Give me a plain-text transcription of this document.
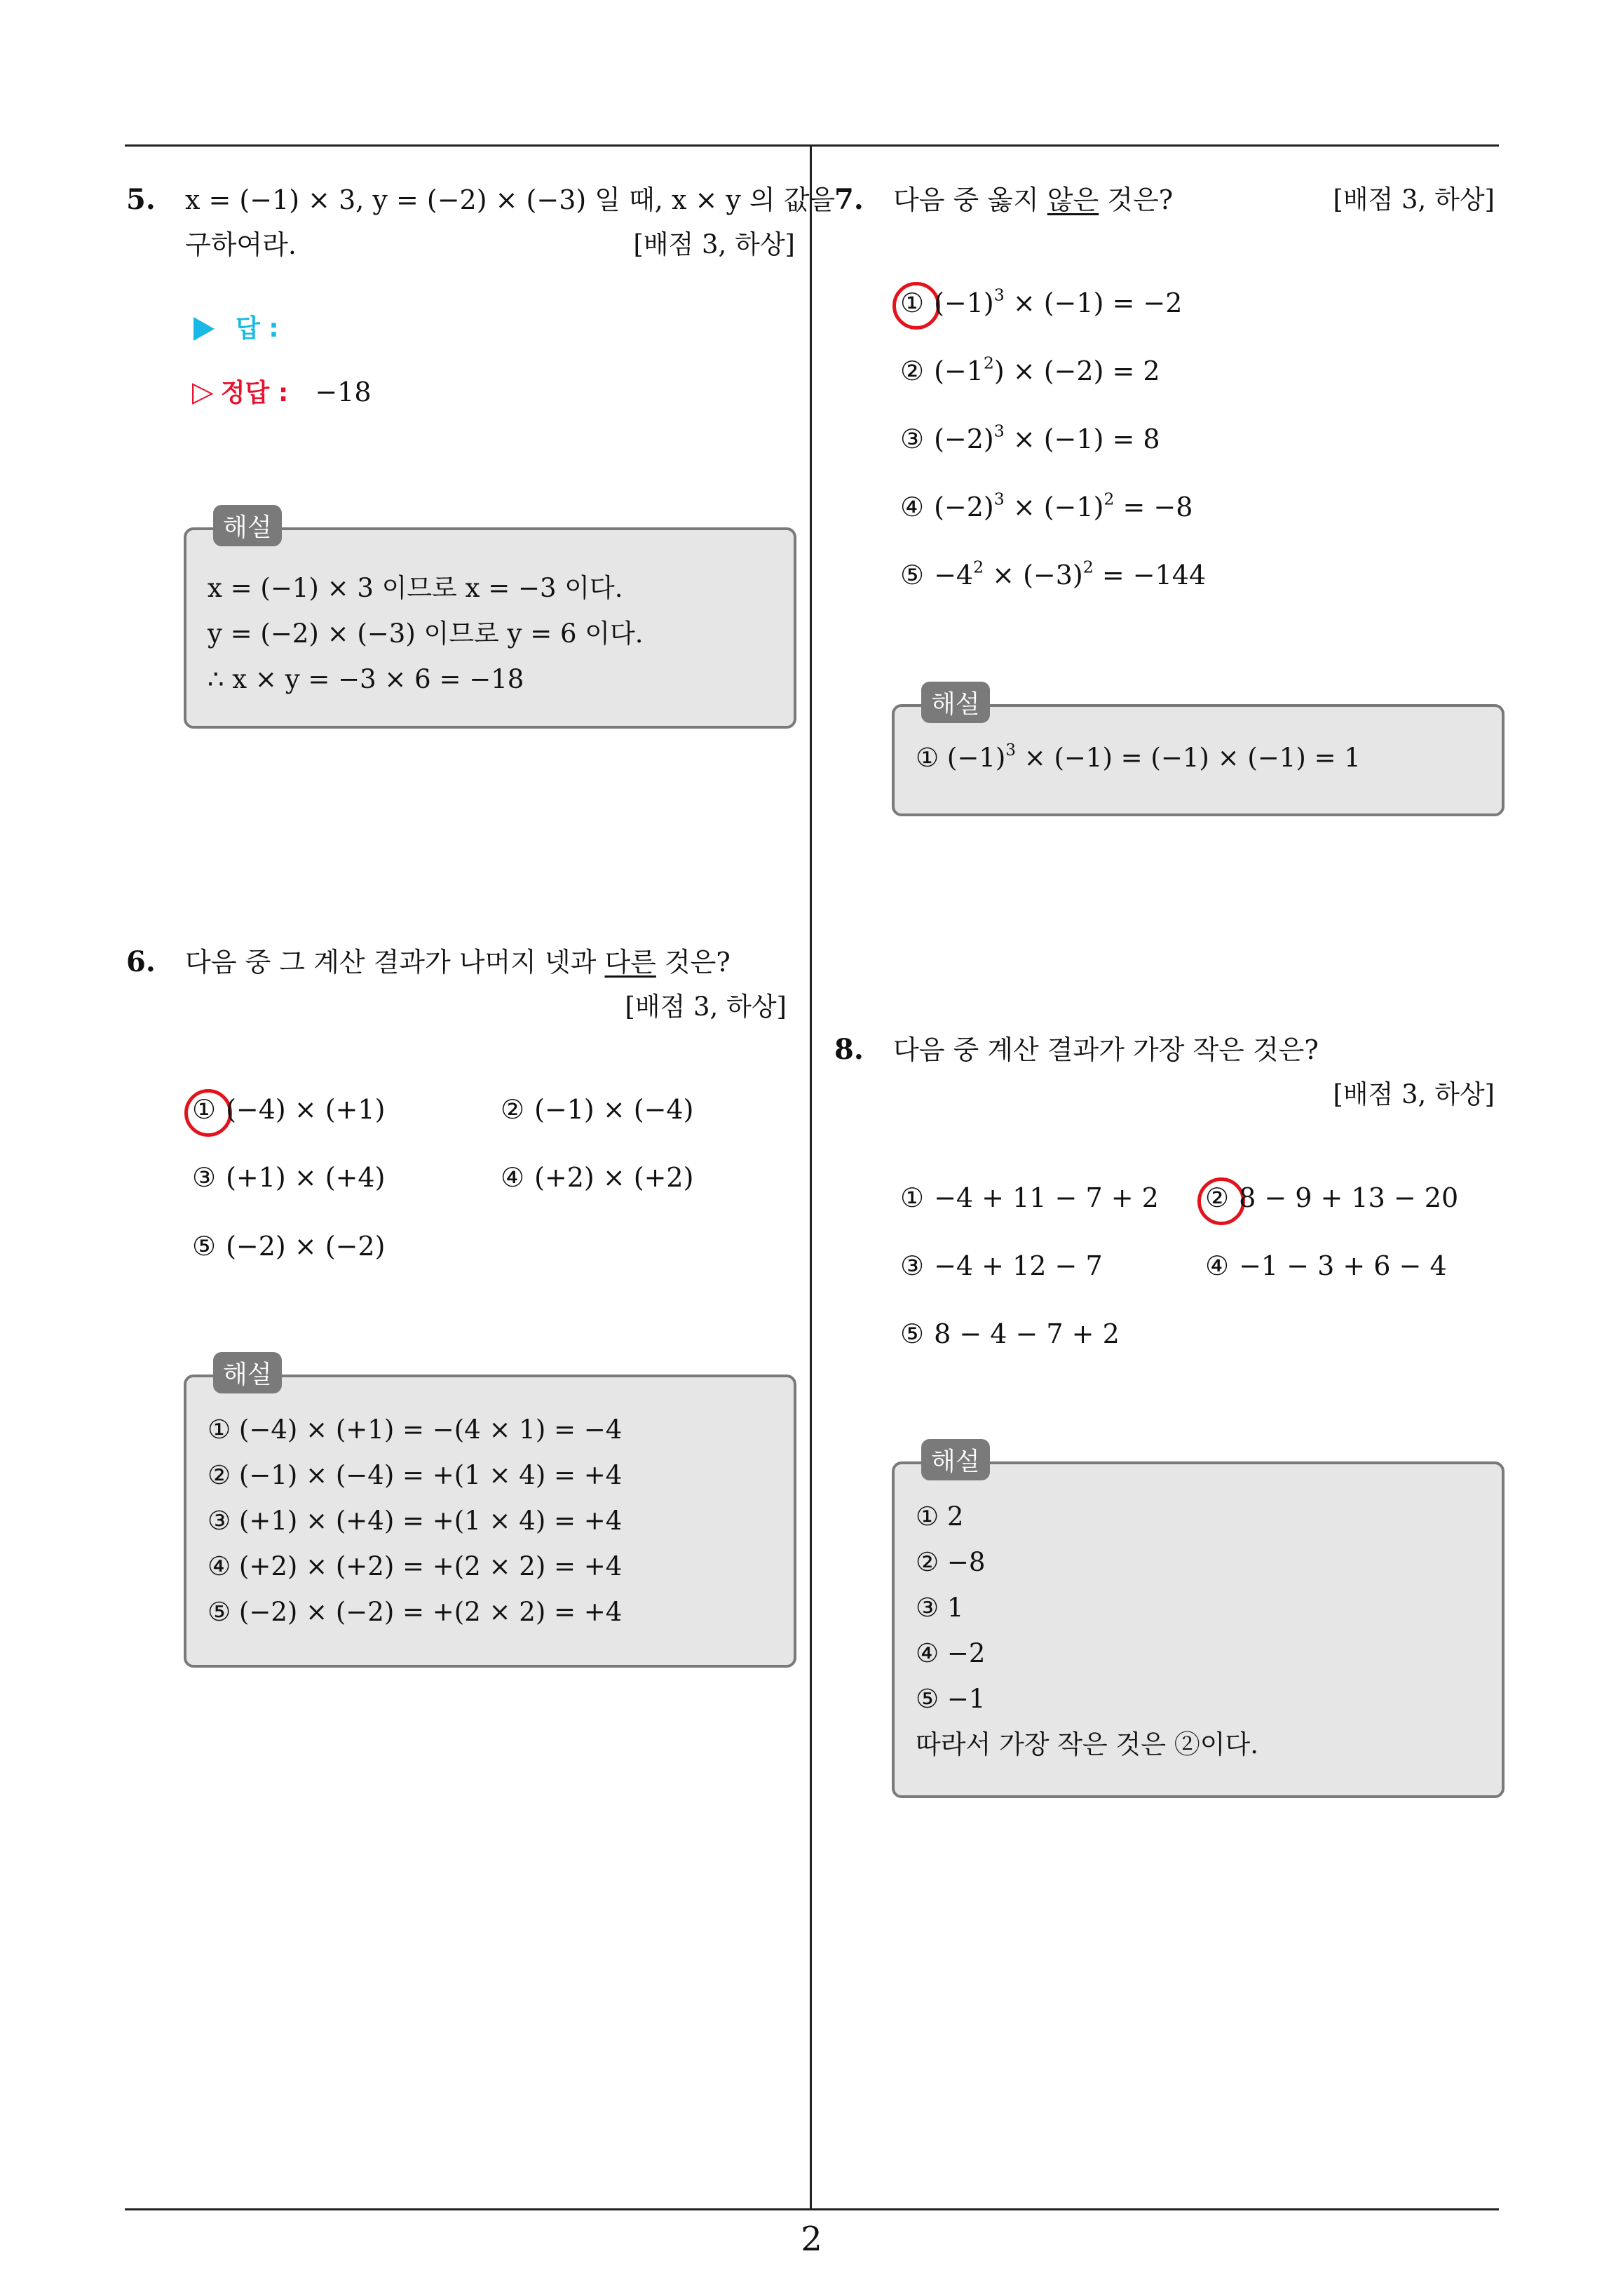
5. x = (−1) × 3, y = (−2) × (−3) 일 때, x × y 의 값을
구하여라.	[배점 3, 하상]
답 :
▷ 정답 : −18
해설
x = (−1) × 3 이므로 x = −3 이다.
y = (−2) × (−3) 이므로 y = 6 이다.
∴ x × y = −3 × 6 = −18
6. 다음 중 그 계산 결과가 나머지 넷과 다른 것은?
[배점 3, 하상]
① (−4) × (+1)	② (−1) × (−4)
③ (+1) × (+4)	④ (+2) × (+2)
⑤ (−2) × (−2)
해설
① (−4) × (+1) = −(4 × 1) = −4
② (−1) × (−4) = +(1 × 4) = +4
③ (+1) × (+4) = +(1 × 4) = +4
④ (+2) × (+2) = +(2 × 2) = +4
⑤ (−2) × (−2) = +(2 × 2) = +4
7. 다음 중 옳지 않은 것은?	[배점 3, 하상]
① $(-1)^3 \times (-1) = -2$
② $(-1^2) \times (-2) = 2$
③ $(-2)^3 \times (-1) = 8$
④ $(-2)^3 \times (-1)^2 = -8$
⑤ $-4^2 \times (-3)^2 = -144$
해설
① $(-1)^3 \times (-1) = (-1) \times (-1) = 1$
8. 다음 중 계산 결과가 가장 작은 것은?
[배점 3, 하상]
① −4 + 11 − 7 + 2 ② 8 − 9 + 13 − 20
③ −4 + 12 − 7	④ −1 − 3 + 6 − 4
⑤ 8 − 4 − 7 + 2
해설
① 2
② −8
③ 1
④ −2
⑤ −1
따라서 가장 작은 것은 ②이다.
2
